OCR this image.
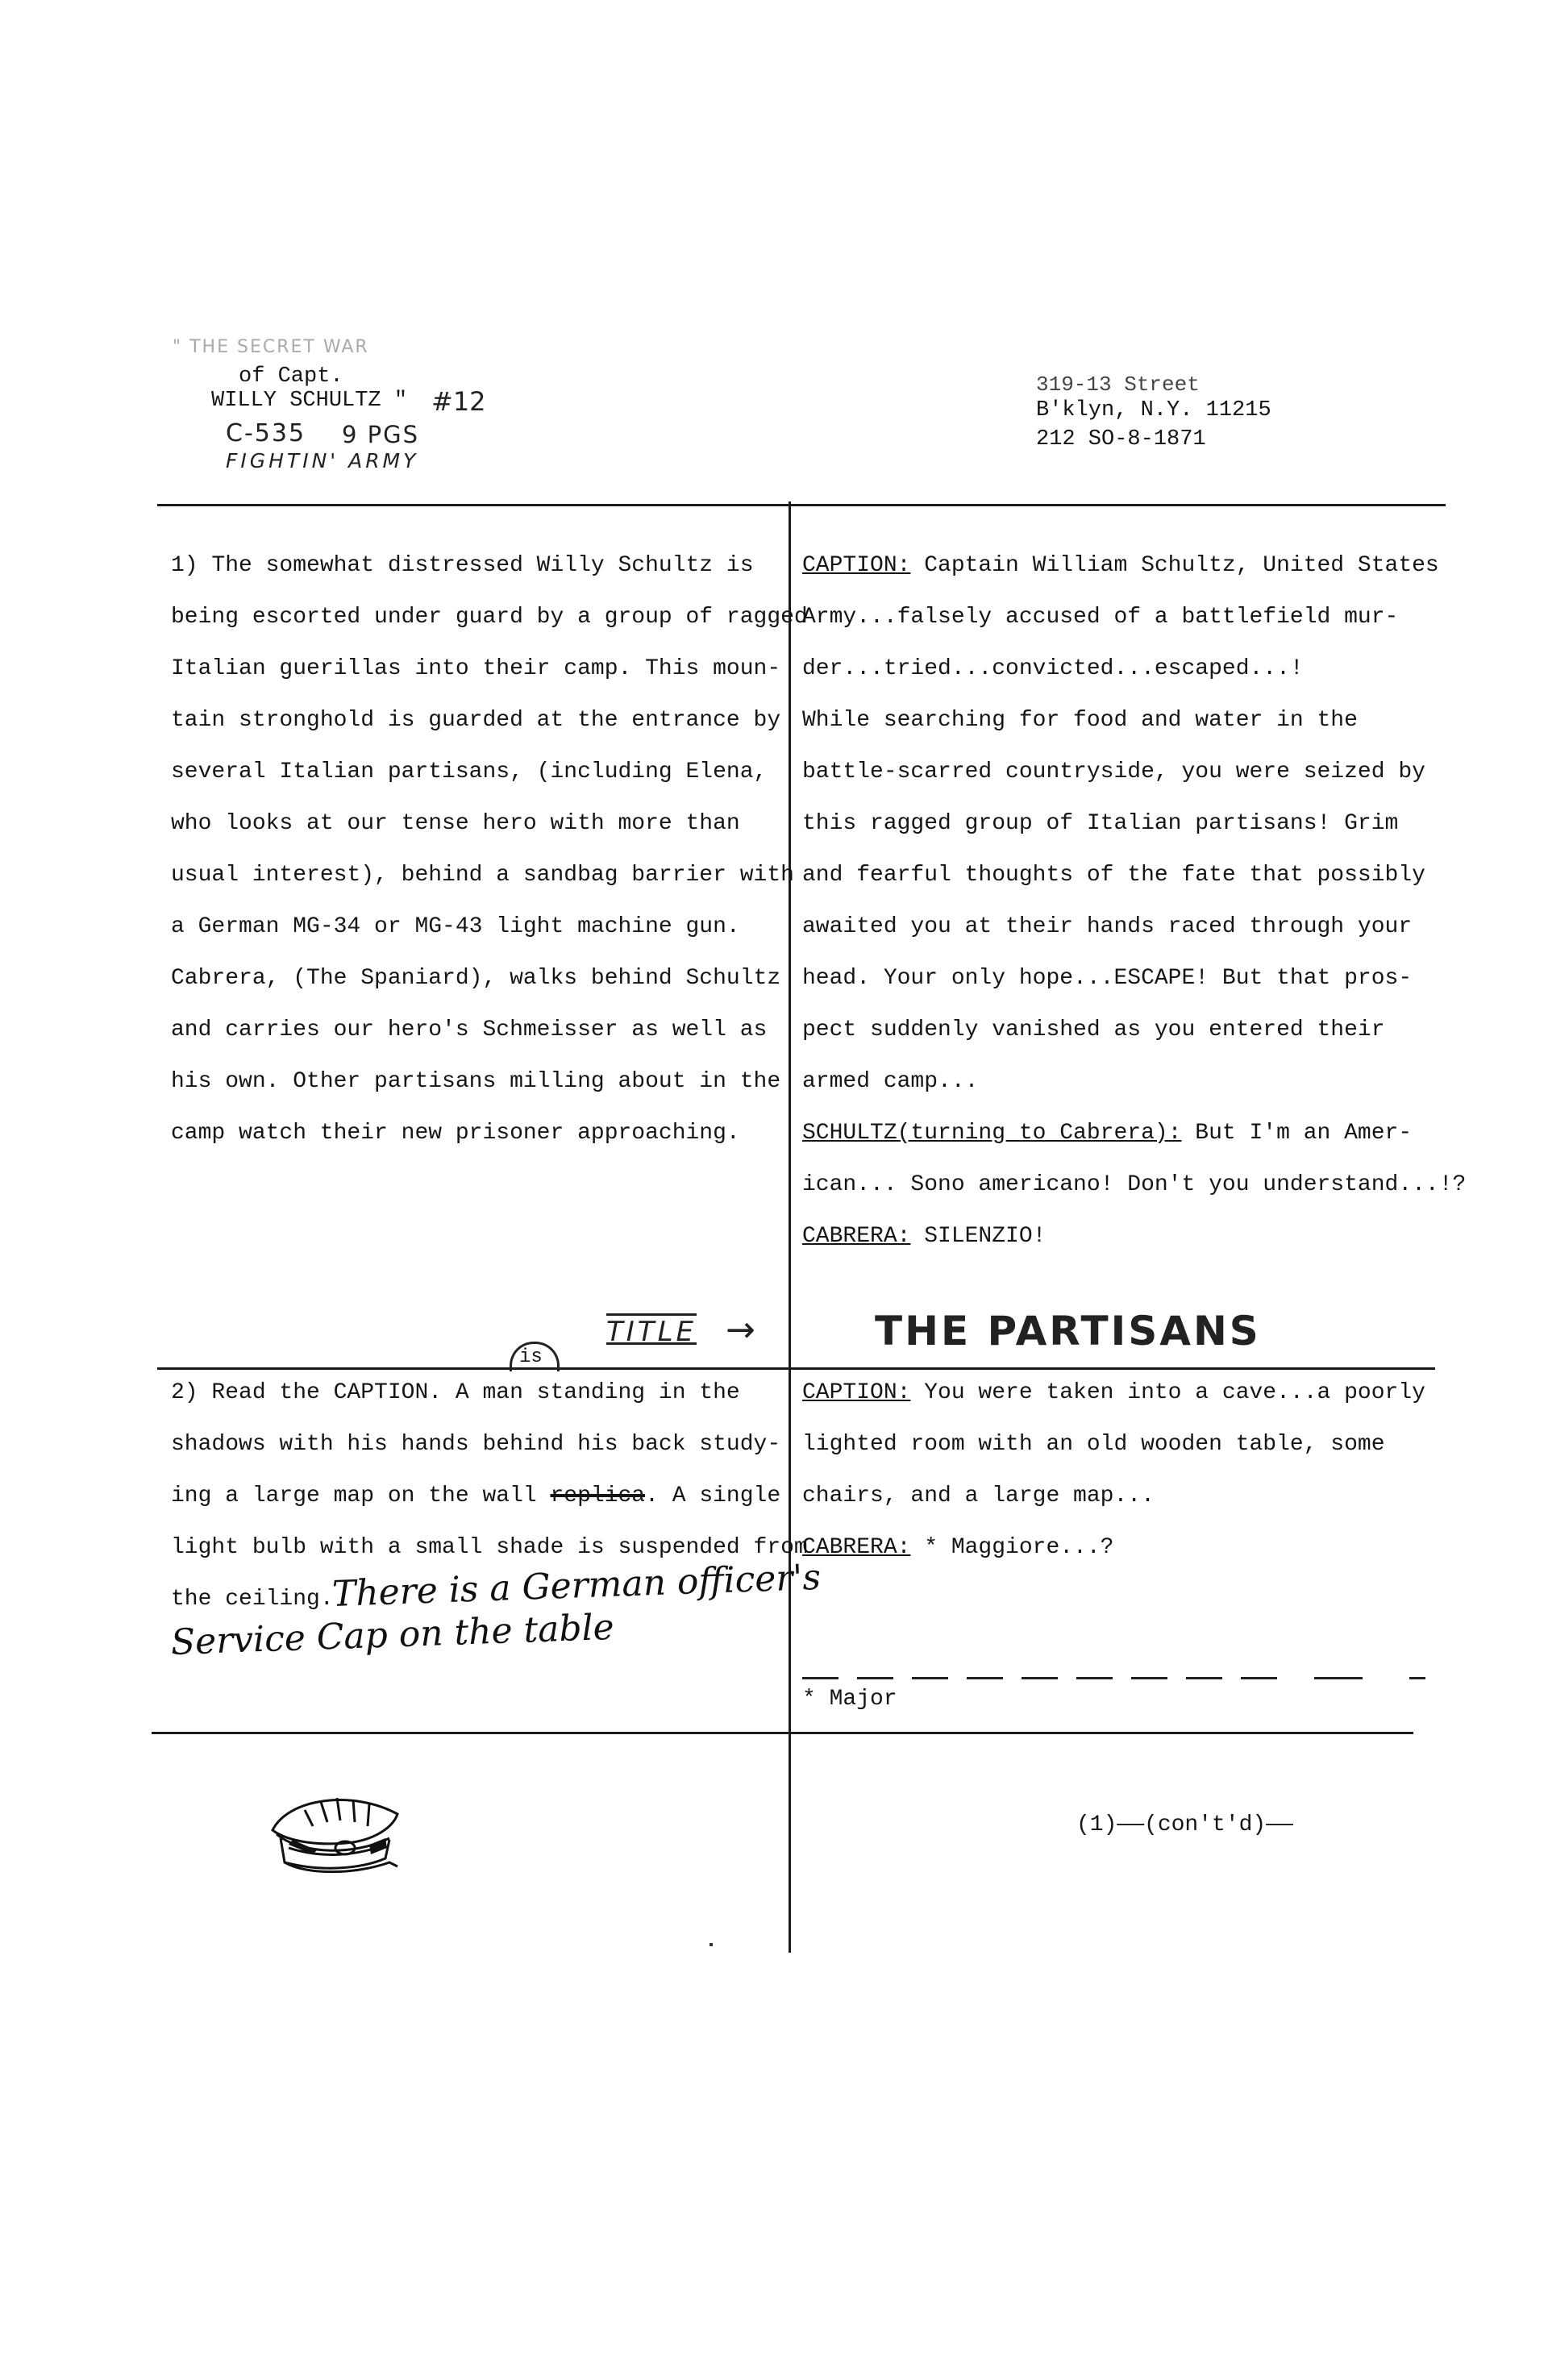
" THE SECRET WAR
of Capt.
WILLY SCHULTZ " #12
C-535 9 PGS
FIGHTIN' ARMY
319-13 Street
B'klyn, N.Y. 11215
212 SO-8-1871

1) The somewhat distressed Willy Schultz is

being escorted under guard by a group of ragged

Italian guerillas into their camp. This moun-

tain stronghold is guarded at the entrance by

several Italian partisans, (including Elena,

who looks at our tense hero with more than

usual interest), behind a sandbag barrier with

a German MG-34 or MG-43 light machine gun.

Cabrera, (The Spaniard), walks behind Schultz

and carries our hero's Schmeisser as well as

his own. Other partisans milling about in the

camp watch their new prisoner approaching.

CAPTION: Captain William Schultz, United States

Army...falsely accused of a battlefield mur-

der...tried...convicted...escaped...!

While searching for food and water in the

battle-scarred countryside, you were seized by

this ragged group of Italian partisans! Grim

and fearful thoughts of the fate that possibly

awaited you at their hands raced through your

head. Your only hope...ESCAPE! But that pros-

pect suddenly vanished as you entered their

armed camp...

SCHULTZ(turning to Cabrera): But I'm an Amer-

ican... Sono americano! Don't you understand...!?

CABRERA: SILENZIO!

TITLE →	THE PARTISANS
is

2) Read the CAPTION. A man standing in the

shadows with his hands behind his back study-

ing a large map on the wall replica. A single

light bulb with a small shade is suspended from

the ceiling.

There is a German officer's
Service Cap on the table

CAPTION: You were taken into a cave...a poorly

lighted room with an old wooden table, some

chairs, and a large map...

CABRERA: * Maggiore...?

* Major
(1)——(con't'd)——
